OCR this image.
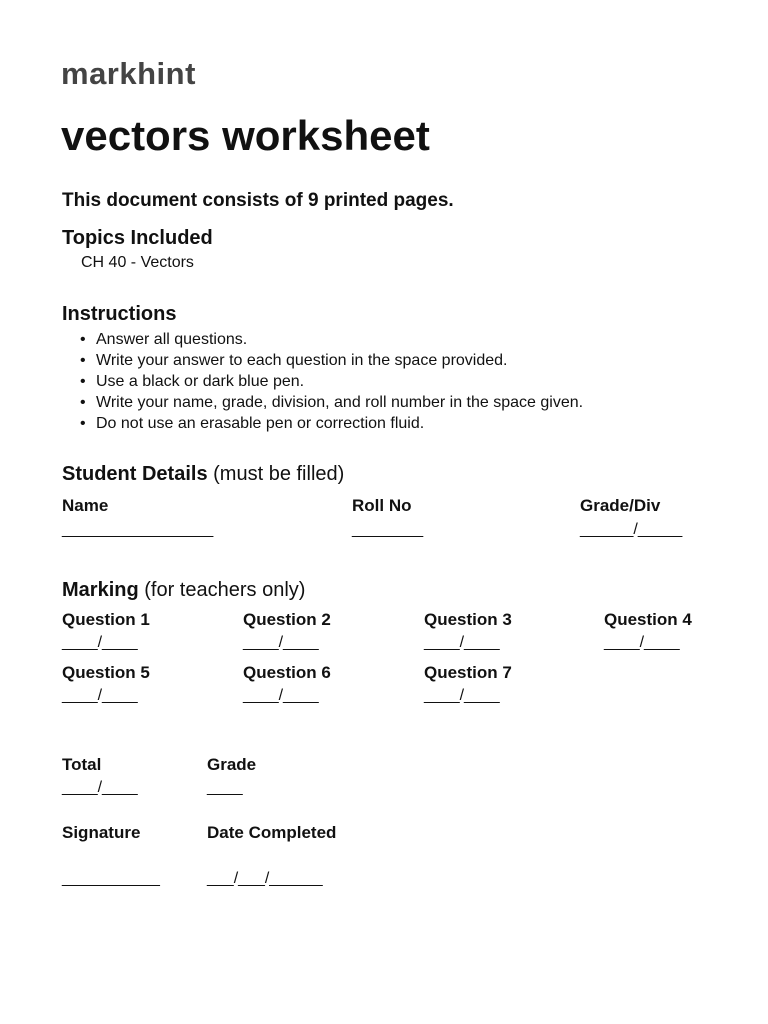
markhint
vectors worksheet
This document consists of 9 printed pages.
Topics Included
CH 40 - Vectors
Instructions
• Answer all questions.
• Write your answer to each question in the space provided.
• Use a black or dark blue pen.
• Write your name, grade, division, and roll number in the space given.
• Do not use an erasable pen or correction fluid.
Student Details (must be filled)
Name
_________________
Roll No
________
Grade/Div
______/_____
Marking (for teachers only)
Question 1
____/____
Question 2
____/____
Question 3
____/____
Question 4
____/____
Question 5
____/____
Question 6
____/____
Question 7
____/____
Total
____/____
Grade
____
Signature
___________
Date Completed
___/___/______
